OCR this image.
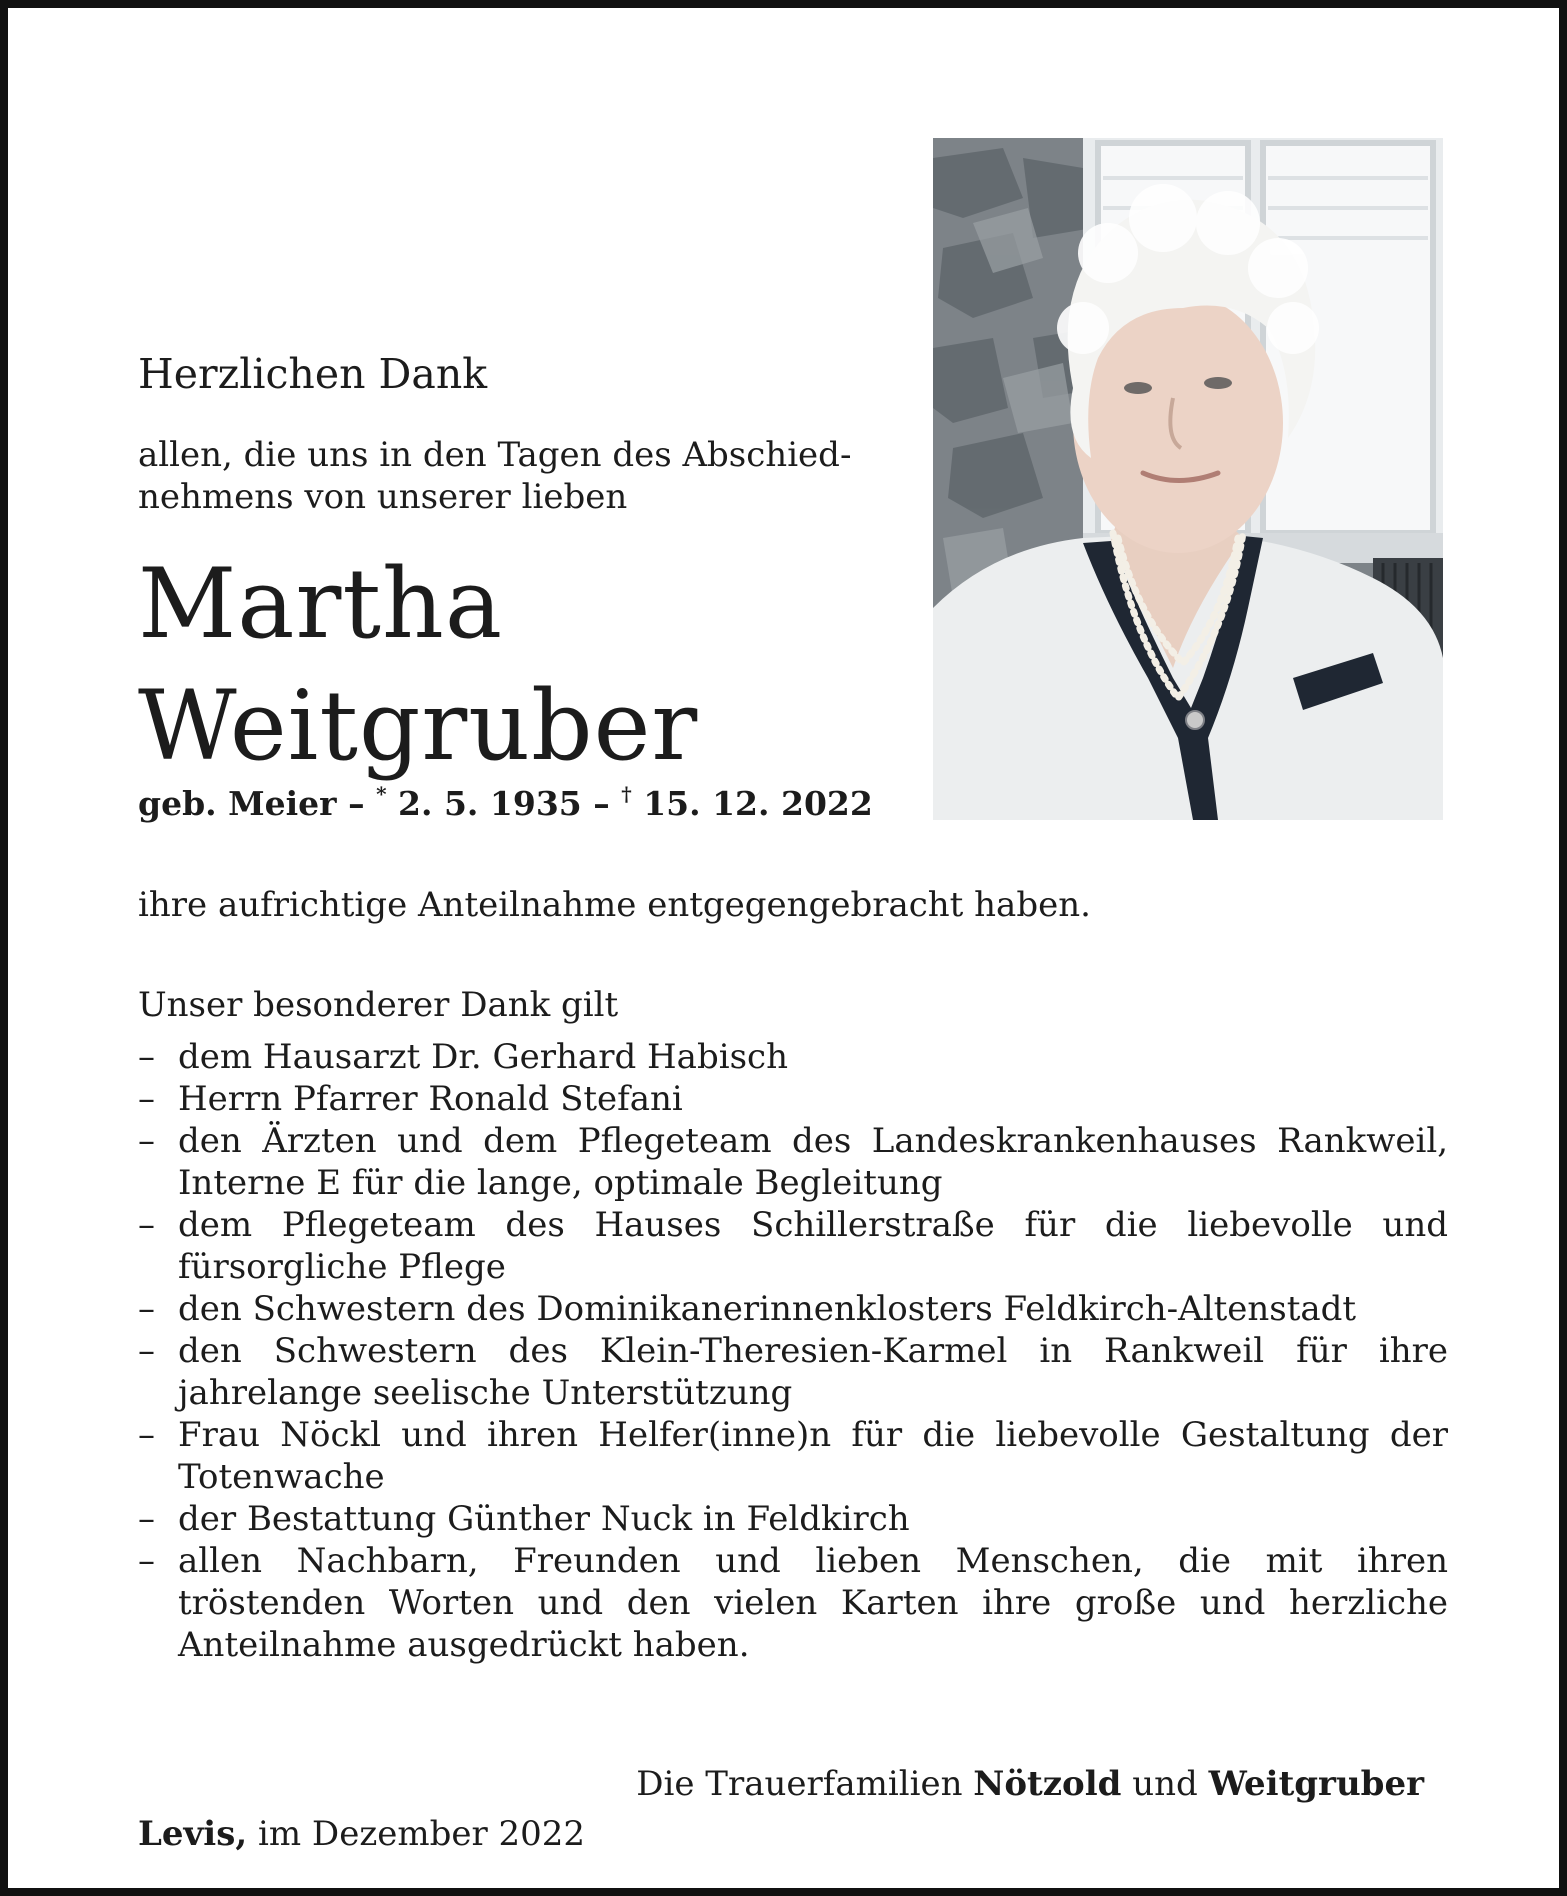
Herzlichen Dank
allen, die uns in den Tagen des Abschied-
nehmens von unserer lieben
Martha
Weitgruber
geb. Meier – * 2. 5. 1935 – † 15. 12. 2022
ihre aufrichtige Anteilnahme entgegengebracht haben.
Unser besonderer Dank gilt
– dem Hausarzt Dr. Gerhard Habisch
– Herrn Pfarrer Ronald Stefani
– den Ärzten und dem Pflegeteam des Landeskrankenhauses Rankweil, Interne E für die lange, optimale Begleitung
– dem Pflegeteam des Hauses Schillerstraße für die liebevolle und fürsorgliche Pflege
– den Schwestern des Dominikanerinnenklosters Feldkirch-Altenstadt
– den Schwestern des Klein-Theresien-Karmel in Rankweil für ihre jahrelange seelische Unterstützung
– Frau Nöckl und ihren Helfer(inne)n für die liebevolle Gestaltung der Totenwache
– der Bestattung Günther Nuck in Feldkirch
– allen Nachbarn, Freunden und lieben Menschen, die mit ihren tröstenden Worten und den vielen Karten ihre große und herzliche Anteilnahme ausgedrückt haben.
Die Trauerfamilien Nötzold und Weitgruber
Levis, im Dezember 2022
